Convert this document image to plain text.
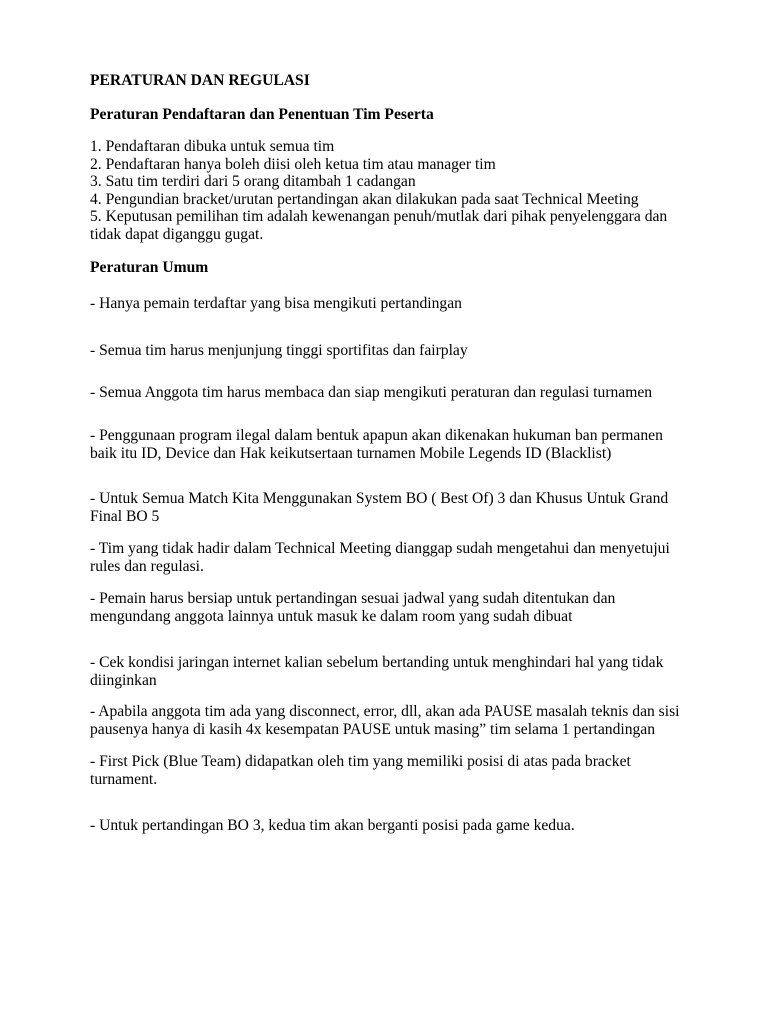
PERATURAN DAN REGULASI

Peraturan Pendaftaran dan Penentuan Tim Peserta

1. Pendaftaran dibuka untuk semua tim
2. Pendaftaran hanya boleh diisi oleh ketua tim atau manager tim
3. Satu tim terdiri dari 5 orang ditambah 1 cadangan
4. Pengundian bracket/urutan pertandingan akan dilakukan pada saat Technical Meeting
5. Keputusan pemilihan tim adalah kewenangan penuh/mutlak dari pihak penyelenggara dan tidak dapat diganggu gugat.

Peraturan Umum

- Hanya pemain terdaftar yang bisa mengikuti pertandingan
- Semua tim harus menjunjung tinggi sportifitas dan fairplay
- Semua Anggota tim harus membaca dan siap mengikuti peraturan dan regulasi turnamen
- Penggunaan program ilegal dalam bentuk apapun akan dikenakan hukuman ban permanen baik itu ID, Device dan Hak keikutsertaan turnamen Mobile Legends ID (Blacklist)
- Untuk Semua Match Kita Menggunakan System BO ( Best Of) 3 dan Khusus Untuk Grand Final BO 5
- Tim yang tidak hadir dalam Technical Meeting dianggap sudah mengetahui dan menyetujui rules dan regulasi.
- Pemain harus bersiap untuk pertandingan sesuai jadwal yang sudah ditentukan dan mengundang anggota lainnya untuk masuk ke dalam room yang sudah dibuat
- Cek kondisi jaringan internet kalian sebelum bertanding untuk menghindari hal yang tidak diinginkan
- Apabila anggota tim ada yang disconnect, error, dll, akan ada PAUSE masalah teknis dan sisi pausenya hanya di kasih 4x kesempatan PAUSE untuk masing” tim selama 1 pertandingan
- First Pick (Blue Team) didapatkan oleh tim yang memiliki posisi di atas pada bracket turnament.
- Untuk pertandingan BO 3, kedua tim akan berganti posisi pada game kedua.
